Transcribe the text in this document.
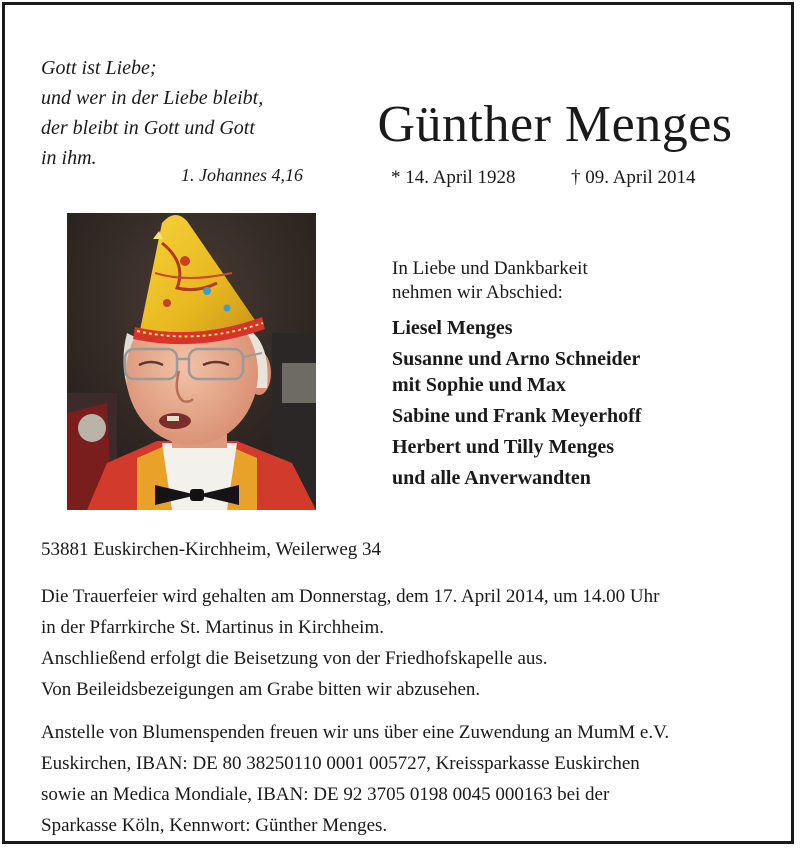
Gott ist Liebe;
und wer in der Liebe bleibt,
der bleibt in Gott und Gott
in ihm.
1. Johannes 4,16
Günther Menges
* 14. April 1928	† 09. April 2014
In Liebe und Dankbarkeit
nehmen wir Abschied:
Liesel Menges
Susanne und Arno Schneider
mit Sophie und Max
Sabine und Frank Meyerhoff
Herbert und Tilly Menges
und alle Anverwandten
53881 Euskirchen-Kirchheim, Weilerweg 34
Die Trauerfeier wird gehalten am Donnerstag, dem 17. April 2014, um 14.00 Uhr
in der Pfarrkirche St. Martinus in Kirchheim.
Anschließend erfolgt die Beisetzung von der Friedhofskapelle aus.
Von Beileidsbezeigungen am Grabe bitten wir abzusehen.
Anstelle von Blumenspenden freuen wir uns über eine Zuwendung an MumM e.V.
Euskirchen, IBAN: DE 80 38250110 0001 005727, Kreissparkasse Euskirchen
sowie an Medica Mondiale, IBAN: DE 92 3705 0198 0045 000163 bei der
Sparkasse Köln, Kennwort: Günther Menges.
